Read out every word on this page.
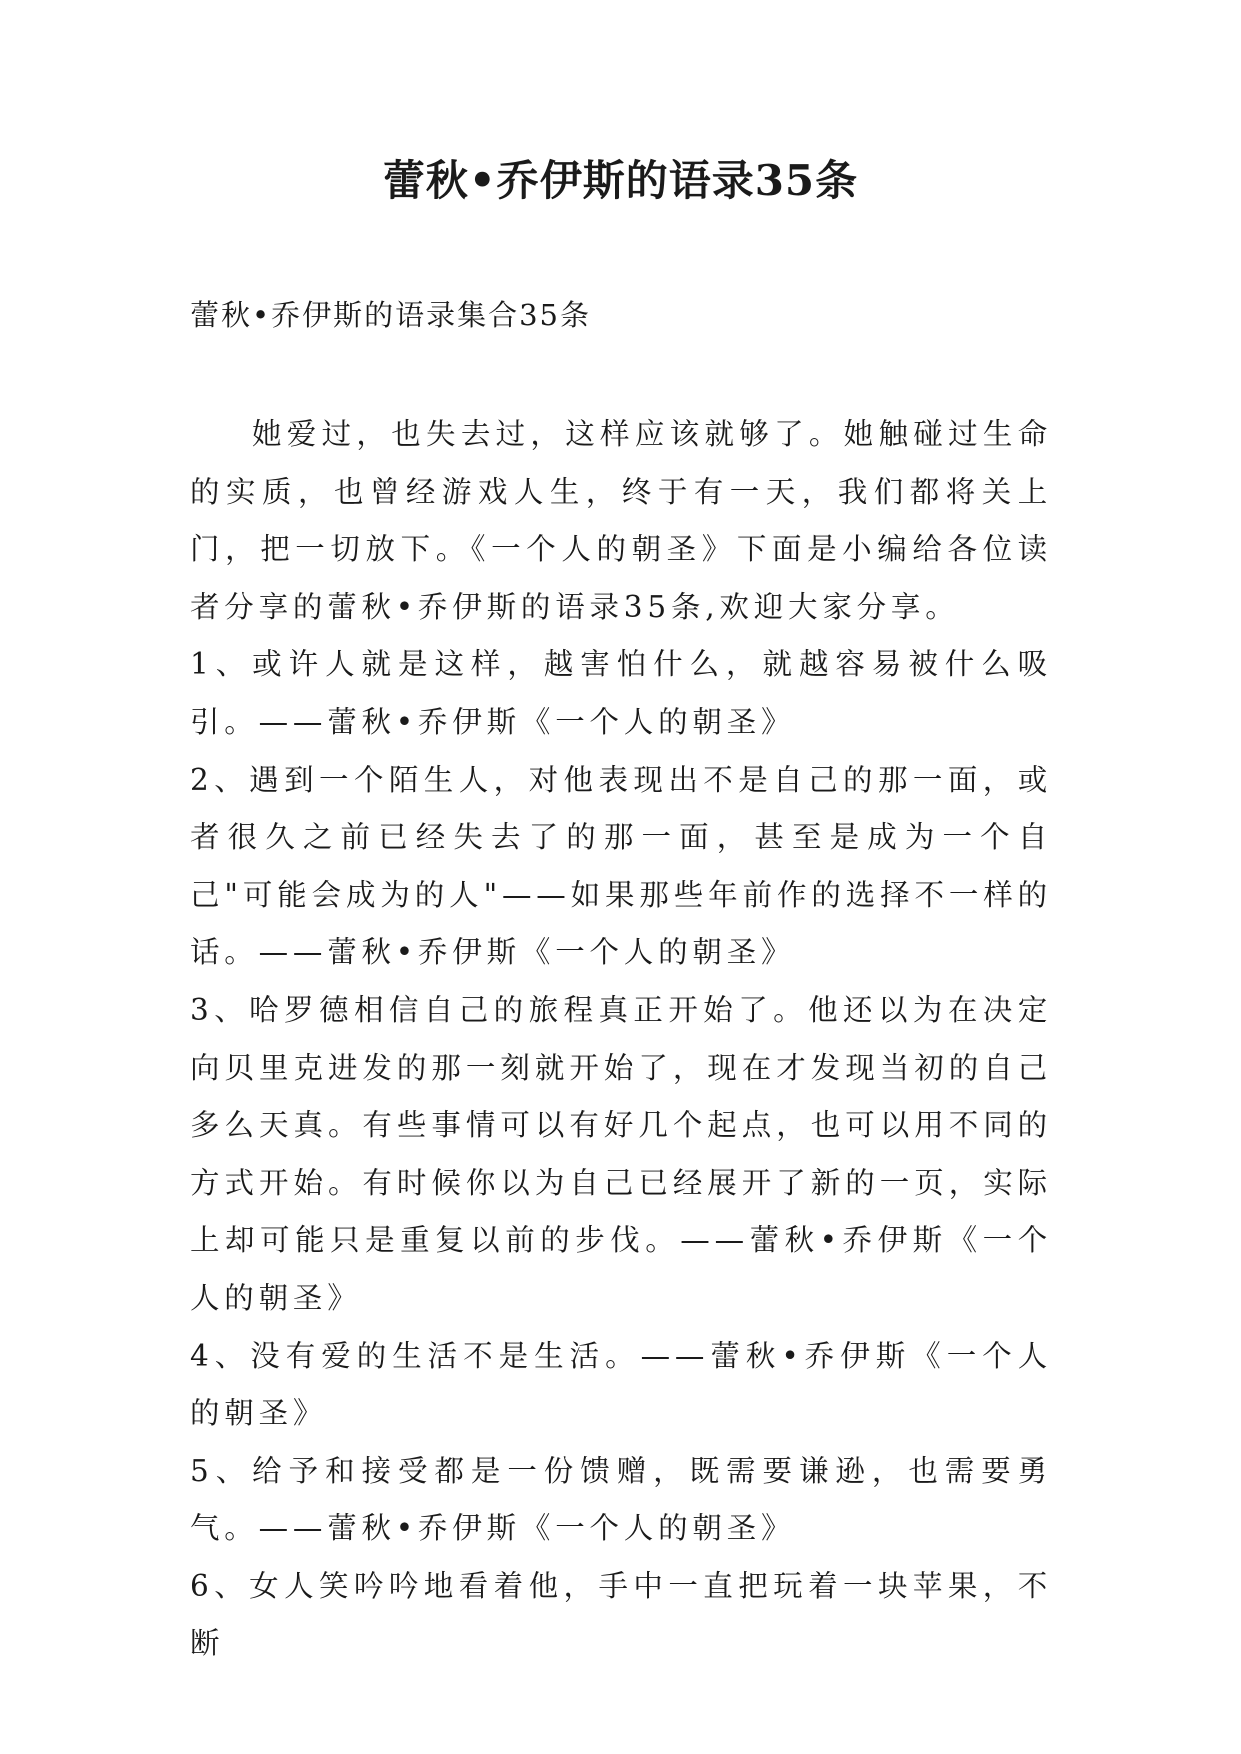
蕾秋•乔伊斯的语录35条
蕾秋•乔伊斯的语录集合35条

她爱过，也失去过，这样应该就够了。她触碰过生命的实质，也曾经游戏人生，终于有一天，我们都将关上门，把一切放下。《一个人的朝圣》下面是小编给各位读者分享的蕾秋•乔伊斯的语录35条,欢迎大家分享。

1、或许人就是这样，越害怕什么，就越容易被什么吸引。——蕾秋•乔伊斯《一个人的朝圣》

2、遇到一个陌生人，对他表现出不是自己的那一面，或者很久之前已经失去了的那一面，甚至是成为一个自己"可能会成为的人"——如果那些年前作的选择不一样的话。——蕾秋•乔伊斯《一个人的朝圣》

3、哈罗德相信自己的旅程真正开始了。他还以为在决定向贝里克进发的那一刻就开始了，现在才发现当初的自己多么天真。有些事情可以有好几个起点，也可以用不同的方式开始。有时候你以为自己已经展开了新的一页，实际上却可能只是重复以前的步伐。——蕾秋•乔伊斯《一个人的朝圣》

4、没有爱的生活不是生活。——蕾秋•乔伊斯《一个人的朝圣》

5、给予和接受都是一份馈赠，既需要谦逊，也需要勇气。——蕾秋•乔伊斯《一个人的朝圣》

6、女人笑吟吟地看着他，手中一直把玩着一块苹果，不断
